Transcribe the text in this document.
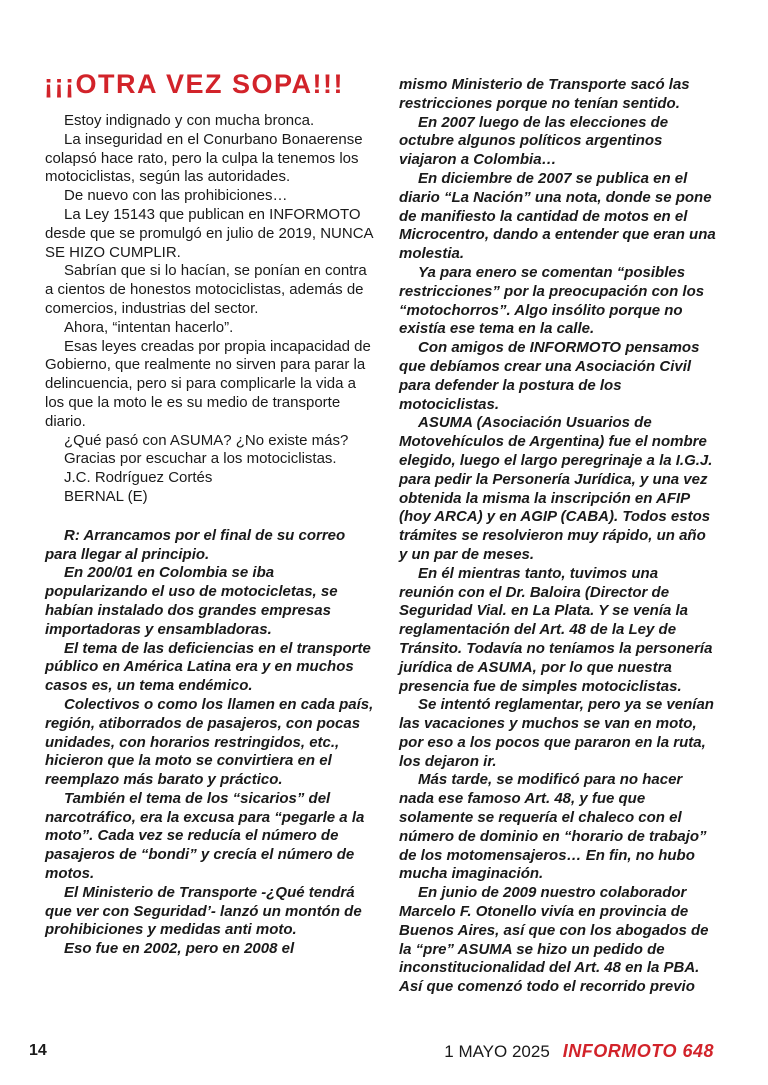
¡¡¡OTRA VEZ SOPA!!!

Estoy indignado y con mucha bronca.

La inseguridad en el Conurbano Bonaerense colapsó hace rato, pero la culpa la tenemos los motociclistas, según las autoridades.

De nuevo con las prohibiciones…

La Ley 15143 que publican en INFORMOTO desde que se promulgó en julio de 2019, NUNCA SE HIZO CUMPLIR.

Sabrían que si lo hacían, se ponían en contra a cientos de honestos motociclistas, además de comercios, industrias del sector.

Ahora, “intentan hacerlo”.

Esas leyes creadas por propia incapacidad de Gobierno, que realmente no sirven para parar la delincuencia, pero si para complicarle la vida a los que la moto le es su medio de transporte diario.

¿Qué pasó con ASUMA? ¿No existe más?

Gracias por escuchar a los motociclistas.

J.C. Rodríguez Cortés

BERNAL (E)

R: Arrancamos por el final de su correo para llegar al principio.

En 200/01 en Colombia se iba popularizando el uso de motocicletas, se habían instalado dos grandes empresas importadoras y ensambladoras.

El tema de las deficiencias en el transporte público en América Latina era y en muchos casos es, un tema endémico.

Colectivos o como los llamen en cada país, región, atiborrados de pasajeros, con pocas unidades, con horarios restringidos, etc., hicieron que la moto se convirtiera en el reemplazo más barato y práctico.

También el tema de los “sicarios” del narcotráfico, era la excusa para “pegarle a la moto”. Cada vez se reducía el número de pasajeros de “bondi” y crecía el número de motos.

El Ministerio de Transporte -¿Qué tendrá que ver con Seguridad’- lanzó un montón de prohibiciones y medidas anti moto.

Eso fue en 2002, pero en 2008 el

mismo Ministerio de Transporte sacó las restricciones porque no tenían sentido.

En 2007 luego de las elecciones de octubre algunos políticos argentinos viajaron a Colombia…

En diciembre de 2007 se publica en el diario “La Nación” una nota, donde se pone de manifiesto la cantidad de motos en el Microcentro, dando a entender que eran una molestia.

Ya para enero se comentan “posibles restricciones” por la preocupación con los “motochorros”. Algo insólito porque no existía ese tema en la calle.

Con amigos de INFORMOTO pensamos que debíamos crear una Asociación Civil para defender la postura de los motociclistas.

ASUMA (Asociación Usuarios de Motovehículos de Argentina) fue el nombre elegido, luego el largo peregrinaje a la I.G.J. para pedir la Personería Jurídica, y una vez obtenida la misma la inscripción en AFIP (hoy ARCA) y en AGIP (CABA). Todos estos trámites se resolvieron muy rápido, un año y un par de meses.

En él mientras tanto, tuvimos una reunión con el Dr. Baloira (Director de Seguridad Vial. en La Plata. Y se venía la reglamentación del Art. 48 de la Ley de Tránsito. Todavía no teníamos la personería jurídica de ASUMA, por lo que nuestra presencia fue de simples motociclistas.

Se intentó reglamentar, pero ya se venían las vacaciones y muchos se van en moto, por eso a los pocos que pararon en la ruta, los dejaron ir.

Más tarde, se modificó para no hacer nada ese famoso Art. 48, y fue que solamente se requería el chaleco con el número de dominio en “horario de trabajo” de los motomensajeros… En fin, no hubo mucha imaginación.

En junio de 2009 nuestro colaborador Marcelo F. Otonello vivía en provincia de Buenos Aires, así que con los abogados de la “pre” ASUMA se hizo un pedido de inconstitucionalidad del Art. 48 en la PBA. Así que comenzó todo el recorrido previo

14	1 MAYO 2025 INFORMOTO 648
